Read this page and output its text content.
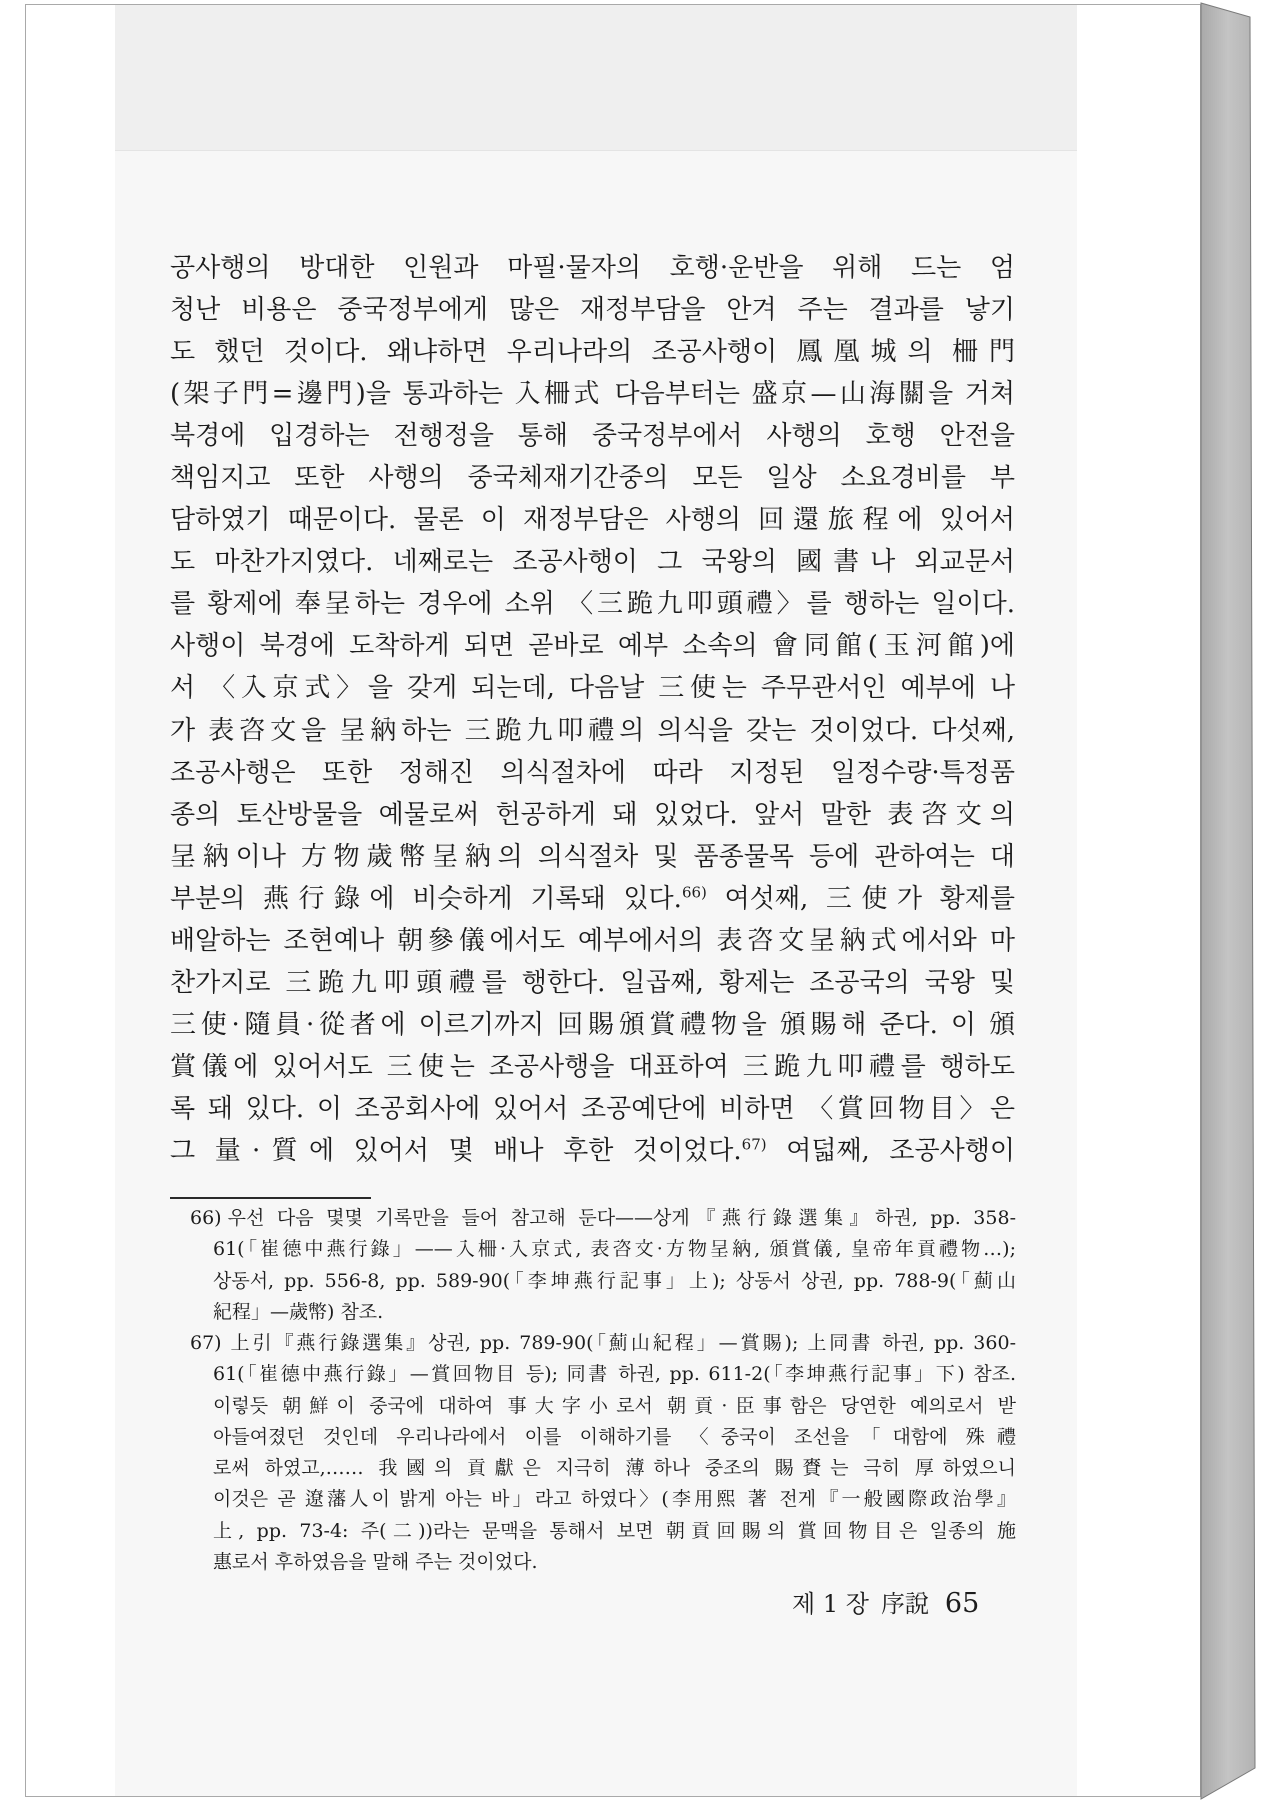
공사행의 방대한 인원과 마필·물자의 호행·운반을 위해 드는 엄
청난 비용은 중국정부에게 많은 재정부담을 안겨 주는 결과를 낳기
도 했던 것이다. 왜냐하면 우리나라의 조공사행이 鳳凰城의 柵門
(架子門=邊門)을 통과하는 入柵式 다음부터는 盛京—山海關을 거쳐
북경에 입경하는 전행정을 통해 중국정부에서 사행의 호행 안전을
책임지고 또한 사행의 중국체재기간중의 모든 일상 소요경비를 부
담하였기 때문이다. 물론 이 재정부담은 사행의 回還旅程에 있어서
도 마찬가지였다. 네째로는 조공사행이 그 국왕의 國書나 외교문서
를 황제에 奉呈하는 경우에 소위 〈三跪九叩頭禮〉를 행하는 일이다.
사행이 북경에 도착하게 되면 곧바로 예부 소속의 會同館(玉河館)에
서 〈入京式〉을 갖게 되는데, 다음날 三使는 주무관서인 예부에 나
가 表咨文을 呈納하는 三跪九叩禮의 의식을 갖는 것이었다. 다섯째,
조공사행은 또한 정해진 의식절차에 따라 지정된 일정수량·특정품
종의 토산방물을 예물로써 헌공하게 돼 있었다. 앞서 말한 表咨文의
呈納이나 方物歲幣呈納의 의식절차 및 품종물목 등에 관하여는 대
부분의 燕行錄에 비슷하게 기록돼 있다.$^{66)}$ 여섯째, 三使가 황제를
배알하는 조현예나 朝參儀에서도 예부에서의 表咨文呈納式에서와 마
찬가지로 三跪九叩頭禮를 행한다. 일곱째, 황제는 조공국의 국왕 및
三使·隨員·從者에 이르기까지 回賜頒賞禮物을 頒賜해 준다. 이 頒
賞儀에 있어서도 三使는 조공사행을 대표하여 三跪九叩禮를 행하도
록 돼 있다. 이 조공회사에 있어서 조공예단에 비하면 〈賞回物目〉은
그 量·質에 있어서 몇 배나 후한 것이었다.$^{67)}$ 여덟째, 조공사행이
66) 우선 다음 몇몇 기록만을 들어 참고해 둔다——상게『燕行錄選集』하권, pp. 358-
61(「崔德中燕行錄」——入柵·入京式, 表咨文·方物呈納, 頒賞儀, 皇帝年貢禮物…);
상동서, pp. 556-8, pp. 589-90(「李坤燕行記事」上); 상동서 상권, pp. 788-9(「薊山
紀程」—歲幣) 참조.
67) 上引『燕行錄選集』상권, pp. 789-90(「薊山紀程」—賞賜); 上同書 하권, pp. 360-
61(「崔德中燕行錄」—賞回物目 등); 同書 하권, pp. 611-2(「李坤燕行記事」下) 참조.
이렇듯 朝鮮이 중국에 대하여 事大字小로서 朝貢·臣事함은 당연한 예의로서 받
아들여졌던 것인데 우리나라에서 이를 이해하기를 〈중국이 조선을「대함에 殊禮
로써 하였고,…… 我國의 貢獻은 지극히 薄하나 중조의 賜賚는 극히 厚하였으니
이것은 곧 遼藩人이 밝게 아는 바」라고 하였다〉(李用熙 著 전게『一般國際政治學』
上, pp. 73-4: 주(二))라는 문맥을 통해서 보면 朝貢回賜의 賞回物目은 일종의 施
惠로서 후하였음을 말해 주는 것이었다.
제 1 장 序說 65
